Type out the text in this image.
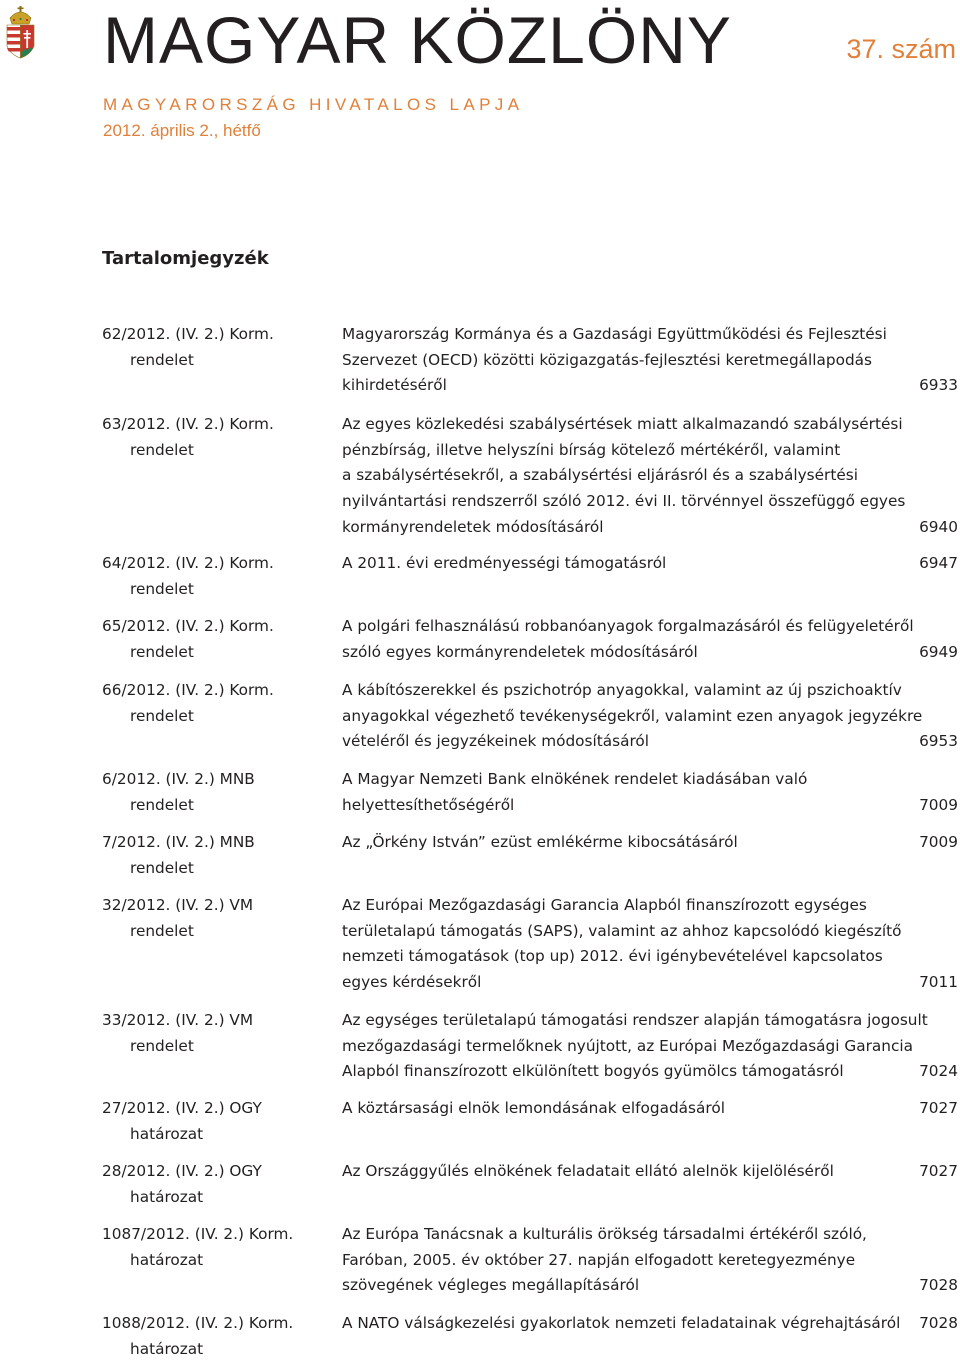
MAGYAR KÖZLÖNY	37. szám
MAGYARORSZÁG HIVATALOS LAPJA
2012. április 2., hétfő
Tartalomjegyzék
62/2012. (IV. 2.) Korm.
rendelet
Magyarország Kormánya és a Gazdasági Együttműködési és Fejlesztési
Szervezet (OECD) közötti közigazgatás-fejlesztési keretmegállapodás
kihirdetéséről	6933
63/2012. (IV. 2.) Korm.
rendelet
Az egyes közlekedési szabálysértések miatt alkalmazandó szabálysértési
pénzbírság, illetve helyszíni bírság kötelező mértékéről, valamint
a szabálysértésekről, a szabálysértési eljárásról és a szabálysértési
nyilvántartási rendszerről szóló 2012. évi II. törvénnyel összefüggő egyes
kormányrendeletek módosításáról	6940
64/2012. (IV. 2.) Korm.
rendelet
A 2011. évi eredményességi támogatásról	6947
65/2012. (IV. 2.) Korm.
rendelet
A polgári felhasználású robbanóanyagok forgalmazásáról és felügyeletéről
szóló egyes kormányrendeletek módosításáról	6949
66/2012. (IV. 2.) Korm.
rendelet
A kábítószerekkel és pszichotróp anyagokkal, valamint az új pszichoaktív
anyagokkal végezhető tevékenységekről, valamint ezen anyagok jegyzékre
vételéről és jegyzékeinek módosításáról	6953
6/2012. (IV. 2.) MNB
rendelet
A Magyar Nemzeti Bank elnökének rendelet kiadásában való
helyettesíthetőségéről	7009
7/2012. (IV. 2.) MNB
rendelet
Az „Örkény István” ezüst emlékérme kibocsátásáról	7009
32/2012. (IV. 2.) VM
rendelet
Az Európai Mezőgazdasági Garancia Alapból finanszírozott egységes
területalapú támogatás (SAPS), valamint az ahhoz kapcsolódó kiegészítő
nemzeti támogatások (top up) 2012. évi igénybevételével kapcsolatos
egyes kérdésekről	7011
33/2012. (IV. 2.) VM
rendelet
Az egységes területalapú támogatási rendszer alapján támogatásra jogosult
mezőgazdasági termelőknek nyújtott, az Európai Mezőgazdasági Garancia
Alapból finanszírozott elkülönített bogyós gyümölcs támogatásról	7024
27/2012. (IV. 2.) OGY
határozat
A köztársasági elnök lemondásának elfogadásáról	7027
28/2012. (IV. 2.) OGY
határozat
Az Országgyűlés elnökének feladatait ellátó alelnök kijelöléséről	7027
1087/2012. (IV. 2.) Korm.
határozat
Az Európa Tanácsnak a kulturális örökség társadalmi értékéről szóló,
Faróban, 2005. év október 27. napján elfogadott keretegyezménye
szövegének végleges megállapításáról	7028
1088/2012. (IV. 2.) Korm.
határozat
A NATO válságkezelési gyakorlatok nemzeti feladatainak végrehajtásáról 7028
